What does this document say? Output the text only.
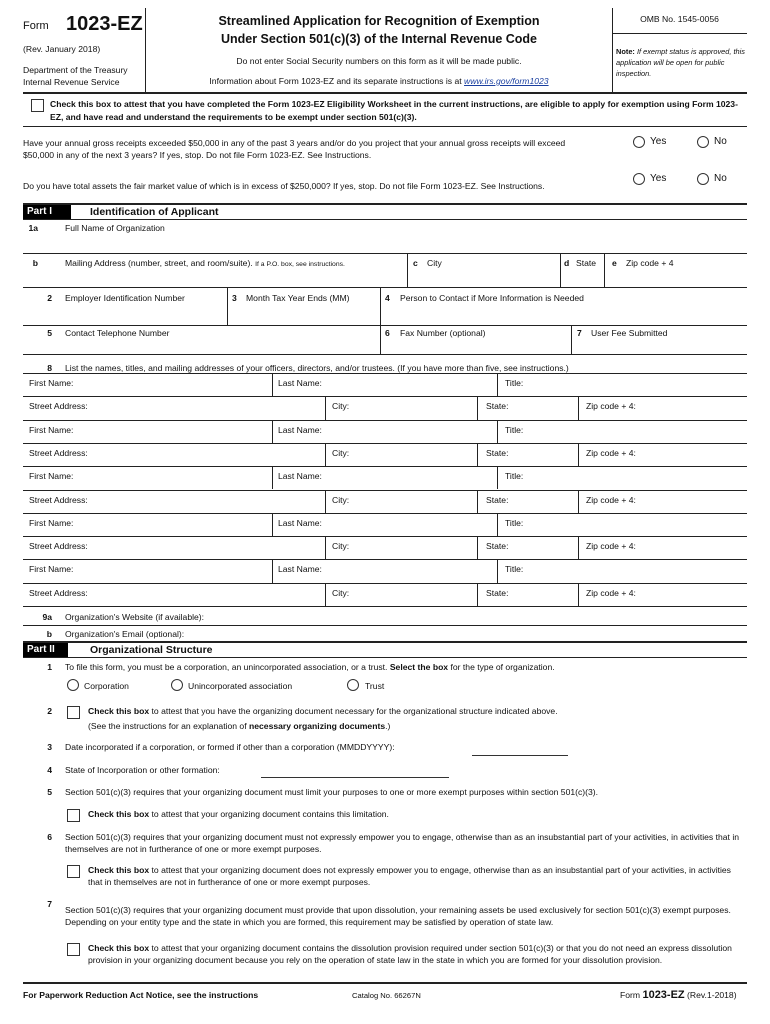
Form 1023-EZ
(Rev. January 2018)
Department of the Treasury
Internal Revenue Service
Streamlined Application for Recognition of Exemption
Under Section 501(c)(3) of the Internal Revenue Code
Do not enter Social Security numbers on this form as it will be made public.
Information about Form 1023-EZ and its separate instructions is at www.irs.gov/form1023
OMB No. 1545-0056
Note: If exempt status is approved, this application will be open for public inspection.
Check this box to attest that you have completed the Form 1023-EZ Eligibility Worksheet in the current instructions, are eligible to apply for exemption using Form 1023-EZ, and have read and understand the requirements to be exempt under section 501(c)(3).
Have your annual gross receipts exceeded $50,000 in any of the past 3 years and/or do you project that your annual gross receipts will exceed
$50,000 in any of the next 3 years? If yes, stop. Do not file Form 1023-EZ. See Instructions.
Yes	No
Do you have total assets the fair market value of which is in excess of $250,000? If yes, stop. Do not file Form 1023-EZ. See Instructions.
Yes	No
Part I	Identification of Applicant
1a	Full Name of Organization
b	Mailing Address (number, street, and room/suite). If a P.O. box, see instructions.	c City	d State e Zip code + 4
2 Employer Identification Number	3 Month Tax Year Ends (MM)	4 Person to Contact if More Information is Needed
5 Contact Telephone Number	6 Fax Number (optional)	7 User Fee Submitted
8 List the names, titles, and mailing addresses of your officers, directors, and/or trustees. (If you have more than five, see instructions.)
First Name:	Last Name:	Title:
Street Address:	City:	State:	Zip code + 4:
First Name:	Last Name:	Title:
Street Address:	City:	State:	Zip code + 4:
First Name:	Last Name:	Title:
Street Address:	City:	State:	Zip code + 4:
First Name:	Last Name:	Title:
Street Address:	City:	State:	Zip code + 4:
First Name:	Last Name:	Title:
Street Address:	City:	State:	Zip code + 4:
9a Organization's Website (if available):
b Organization's Email (optional):
Part II	Organizational Structure
1 To file this form, you must be a corporation, an unincorporated association, or a trust. Select the box for the type of organization.
Corporation	Unincorporated association	Trust
2	Check this box to attest that you have the organizing document necessary for the organizational structure indicated above.
(See the instructions for an explanation of necessary organizing documents.)
3 Date incorporated if a corporation, or formed if other than a corporation (MMDDYYYY):
4 State of Incorporation or other formation:
5 Section 501(c)(3) requires that your organizing document must limit your purposes to one or more exempt purposes within section 501(c)(3).
Check this box to attest that your organizing document contains this limitation.
6 Section 501(c)(3) requires that your organizing document must not expressly empower you to engage, otherwise than as an insubstantial part of your activities, in activities that in themselves are not in furtherance of one or more exempt purposes.
Check this box to attest that your organizing document does not expressly empower you to engage, otherwise than as an insubstantial part of your activities, in activities that in themselves are not in furtherance of one or more exempt purposes.
7
Section 501(c)(3) requires that your organizing document must provide that upon dissolution, your remaining assets be used exclusively for section 501(c)(3) exempt purposes. Depending on your entity type and the state in which you are formed, this requirement may be satisfied by operation of state law.
Check this box to attest that your organizing document contains the dissolution provision required under section 501(c)(3) or that you do not need an express dissolution provision in your organizing document because you rely on the operation of state law in the state in which you are formed for your dissolution provision.
For Paperwork Reduction Act Notice, see the instructions	Catalog No. 66267N	Form 1023-EZ (Rev.1-2018)
